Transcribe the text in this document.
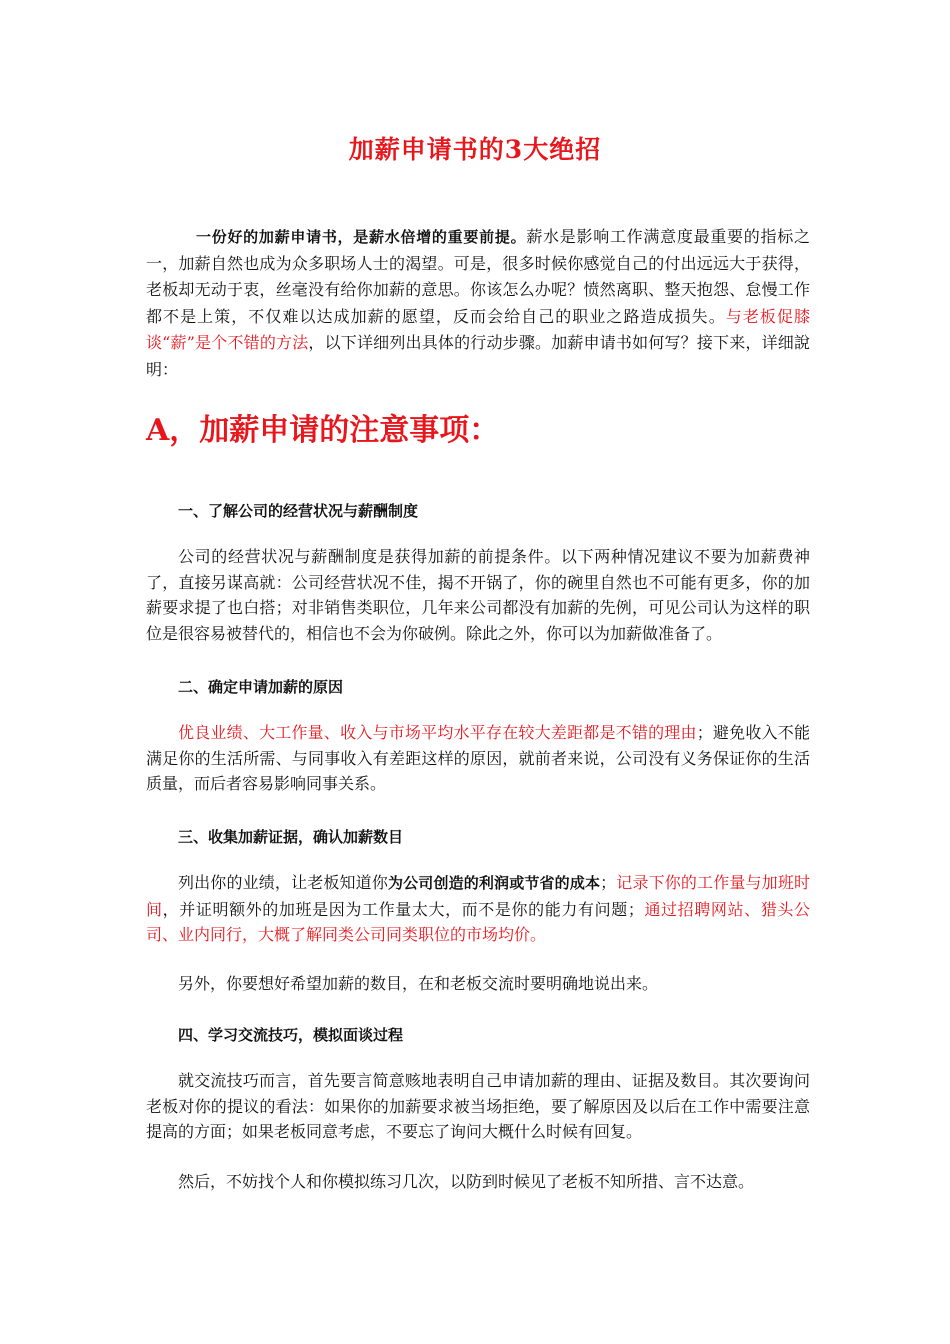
加薪申请书的3大绝招
一份好的加薪申请书，是薪水倍增的重要前提。薪水是影响工作满意度最重要的指标之一，加薪自然也成为众多职场人士的渴望。可是，很多时候你感觉自己的付出远远大于获得，老板却无动于衷，丝毫没有给你加薪的意思。你该怎么办呢？愤然离职、整天抱怨、怠慢工作都不是上策，不仅难以达成加薪的愿望，反而会给自己的职业之路造成损失。与老板促膝谈“薪”是个不错的方法，以下详细列出具体的行动步骤。加薪申请书如何写？接下来，详细說明：
A，加薪申请的注意事项：
一、了解公司的经营状况与薪酬制度
公司的经营状况与薪酬制度是获得加薪的前提条件。以下两种情况建议不要为加薪费神了，直接另谋高就：公司经营状况不佳，揭不开锅了，你的碗里自然也不可能有更多，你的加薪要求提了也白搭；对非销售类职位，几年来公司都没有加薪的先例，可见公司认为这样的职位是很容易被替代的，相信也不会为你破例。除此之外，你可以为加薪做准备了。
二、确定申请加薪的原因
优良业绩、大工作量、收入与市场平均水平存在较大差距都是不错的理由；避免收入不能满足你的生活所需、与同事收入有差距这样的原因，就前者来说，公司没有义务保证你的生活质量，而后者容易影响同事关系。
三、收集加薪证据，确认加薪数目
列出你的业绩，让老板知道你为公司创造的利润或节省的成本；记录下你的工作量与加班时间，并证明额外的加班是因为工作量太大，而不是你的能力有问题；通过招聘网站、猎头公司、业内同行，大概了解同类公司同类职位的市场均价。
另外，你要想好希望加薪的数目，在和老板交流时要明确地说出来。
四、学习交流技巧，模拟面谈过程
就交流技巧而言，首先要言简意赅地表明自己申请加薪的理由、证据及数目。其次要询问老板对你的提议的看法：如果你的加薪要求被当场拒绝，要了解原因及以后在工作中需要注意提高的方面；如果老板同意考虑，不要忘了询问大概什么时候有回复。
然后，不妨找个人和你模拟练习几次，以防到时候见了老板不知所措、言不达意。
